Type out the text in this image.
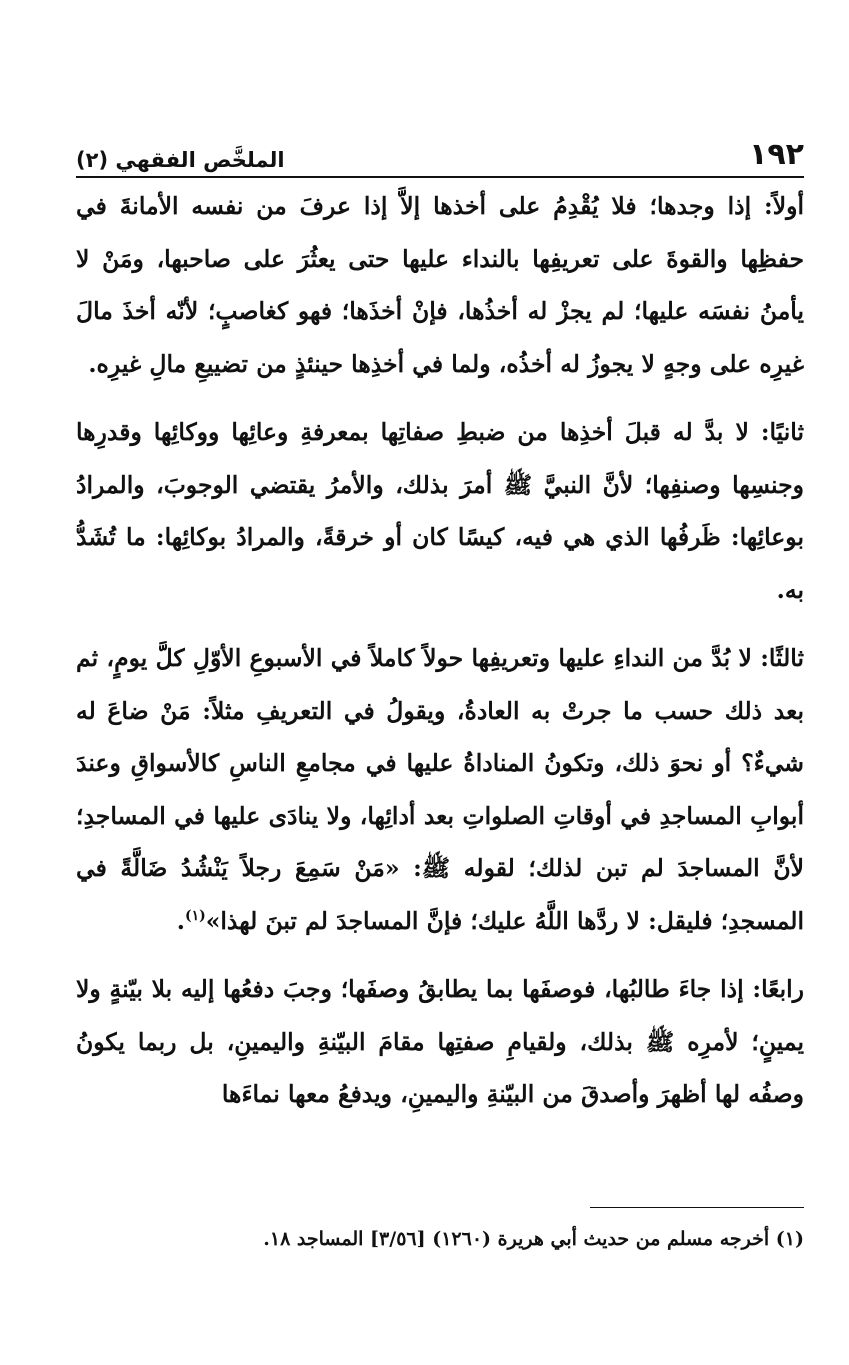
١٩٢
الملخَّص الفقهي (٢)

أولاً: إذا وجدها؛ فلا يُقْدِمُ على أخذها إلاَّ إذا عرفَ من نفسه الأمانةَ في حفظِها والقوةَ على تعريفِها بالنداء عليها حتى يعثُرَ على صاحبها، ومَنْ لا يأمنُ نفسَه عليها؛ لم يجزْ له أخذُها، فإنْ أخذَها؛ فهو كغاصبٍ؛ لأنّه أخذَ مالَ غيرِه على وجهٍ لا يجوزُ له أخذُه، ولما في أخذِها حينئذٍ من تضييعِ مالِ غيرِه.

ثانيًا: لا بدَّ له قبلَ أخذِها من ضبطِ صفاتِها بمعرفةِ وعائِها ووكائِها وقدرِها وجنسِها وصنفِها؛ لأنَّ النبيَّ ﷺ أمرَ بذلك، والأمرُ يقتضي الوجوبَ، والمرادُ بوعائِها: ظَرفُها الذي هي فيه، كيسًا كان أو خرقةً، والمرادُ بوكائِها: ما تُشَدُّ به.

ثالثًا: لا بُدَّ من النداءِ عليها وتعريفِها حولاً كاملاً في الأسبوعِ الأوّلِ كلَّ يومٍ، ثم بعد ذلك حسب ما جرتْ به العادةُ، ويقولُ في التعريفِ مثلاً: مَنْ ضاعَ له شيءٌ؟ أو نحوَ ذلك، وتكونُ المناداةُ عليها في مجامعِ الناسِ كالأسواقِ وعندَ أبوابِ المساجدِ في أوقاتِ الصلواتِ بعد أدائِها، ولا ينادَى عليها في المساجدِ؛ لأنَّ المساجدَ لم تبن لذلك؛ لقوله ﷺ: «مَنْ سَمِعَ رجلاً يَنْشُدُ ضَالَّةً في المسجدِ؛ فليقل: لا ردَّها اللَّهُ عليك؛ فإنَّ المساجدَ لم تبنَ لهذا»$^{(١)}$.

رابعًا: إذا جاءَ طالبُها، فوصفَها بما يطابقُ وصفَها؛ وجبَ دفعُها إليه بلا بيّنةٍ ولا يمينٍ؛ لأمرِه ﷺ بذلك، ولقيامِ صفتِها مقامَ البيّنةِ واليمينِ، بل ربما يكونُ وصفُه لها أظهرَ وأصدقَ من البيّنةِ واليمينِ، ويدفعُ معها نماءَها

(١) أخرجه مسلم من حديث أبي هريرة (١٢٦٠) [٣/٥٦] المساجد ١٨.
